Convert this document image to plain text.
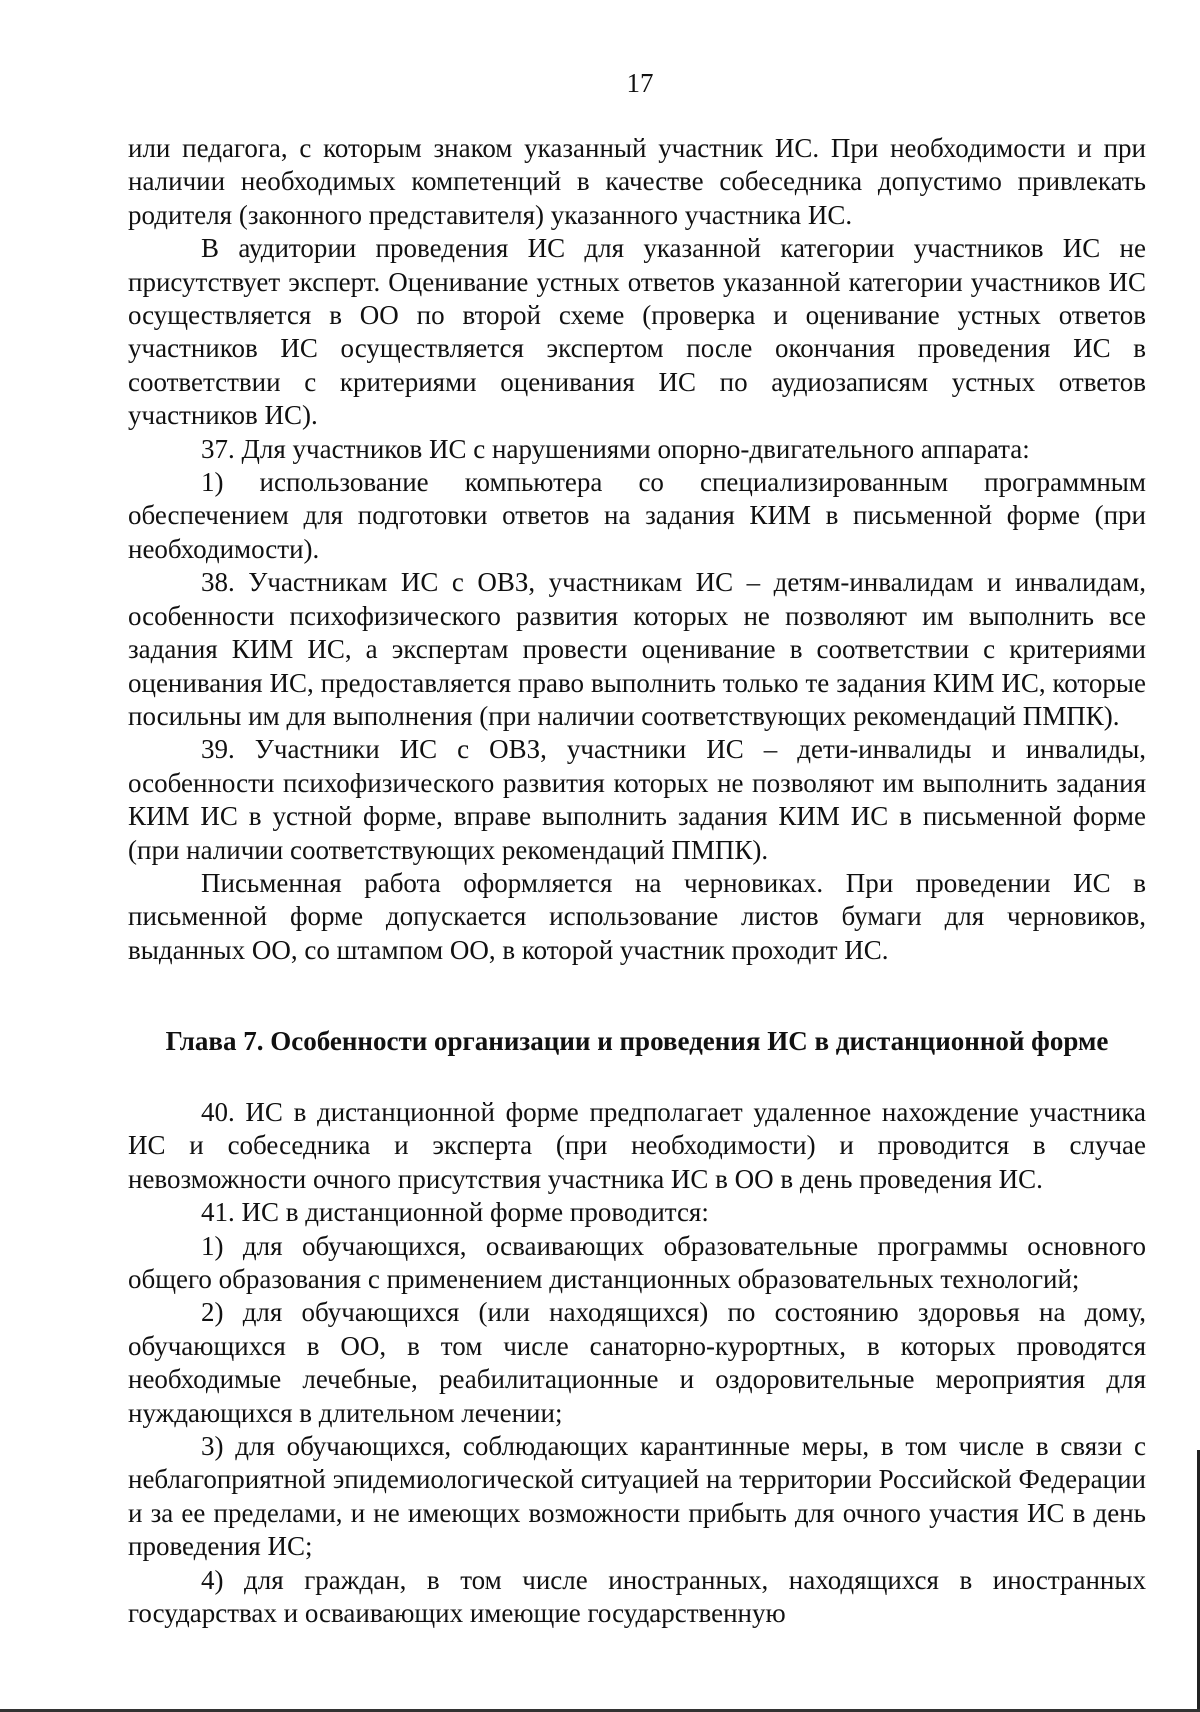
17

или педагога, с которым знаком указанный участник ИС. При необходимости и при наличии необходимых компетенций в качестве собеседника допустимо привлекать родителя (законного представителя) указанного участника ИС.

В аудитории проведения ИС для указанной категории участников ИС не присутствует эксперт. Оценивание устных ответов указанной категории участников ИС осуществляется в ОО по второй схеме (проверка и оценивание устных ответов участников ИС осуществляется экспертом после окончания проведения ИС в соответствии с критериями оценивания ИС по аудиозаписям устных ответов участников ИС).

37. Для участников ИС с нарушениями опорно-двигательного аппарата:

1) использование компьютера со специализированным программным обеспечением для подготовки ответов на задания КИМ в письменной форме (при необходимости).

38. Участникам ИС с ОВЗ, участникам ИС – детям-инвалидам и инвалидам, особенности психофизического развития которых не позволяют им выполнить все задания КИМ ИС, а экспертам провести оценивание в соответствии с критериями оценивания ИС, предоставляется право выполнить только те задания КИМ ИС, которые посильны им для выполнения (при наличии соответствующих рекомендаций ПМПК).

39. Участники ИС с ОВЗ, участники ИС – дети-инвалиды и инвалиды, особенности психофизического развития которых не позволяют им выполнить задания КИМ ИС в устной форме, вправе выполнить задания КИМ ИС в письменной форме (при наличии соответствующих рекомендаций ПМПК).

Письменная работа оформляется на черновиках. При проведении ИС в письменной форме допускается использование листов бумаги для черновиков, выданных ОО, со штампом ОО, в которой участник проходит ИС.

Глава 7. Особенности организации и проведения ИС в дистанционной форме

40. ИС в дистанционной форме предполагает удаленное нахождение участника ИС и собеседника и эксперта (при необходимости) и проводится в случае невозможности очного присутствия участника ИС в ОО в день проведения ИС.

41. ИС в дистанционной форме проводится:

1) для обучающихся, осваивающих образовательные программы основного общего образования с применением дистанционных образовательных технологий;

2) для обучающихся (или находящихся) по состоянию здоровья на дому, обучающихся в ОО, в том числе санаторно-курортных, в которых проводятся необходимые лечебные, реабилитационные и оздоровительные мероприятия для нуждающихся в длительном лечении;

3) для обучающихся, соблюдающих карантинные меры, в том числе в связи с неблагоприятной эпидемиологической ситуацией на территории Российской Федерации и за ее пределами, и не имеющих возможности прибыть для очного участия ИС в день проведения ИС;

4) для граждан, в том числе иностранных, находящихся в иностранных государствах и осваивающих имеющие государственную
